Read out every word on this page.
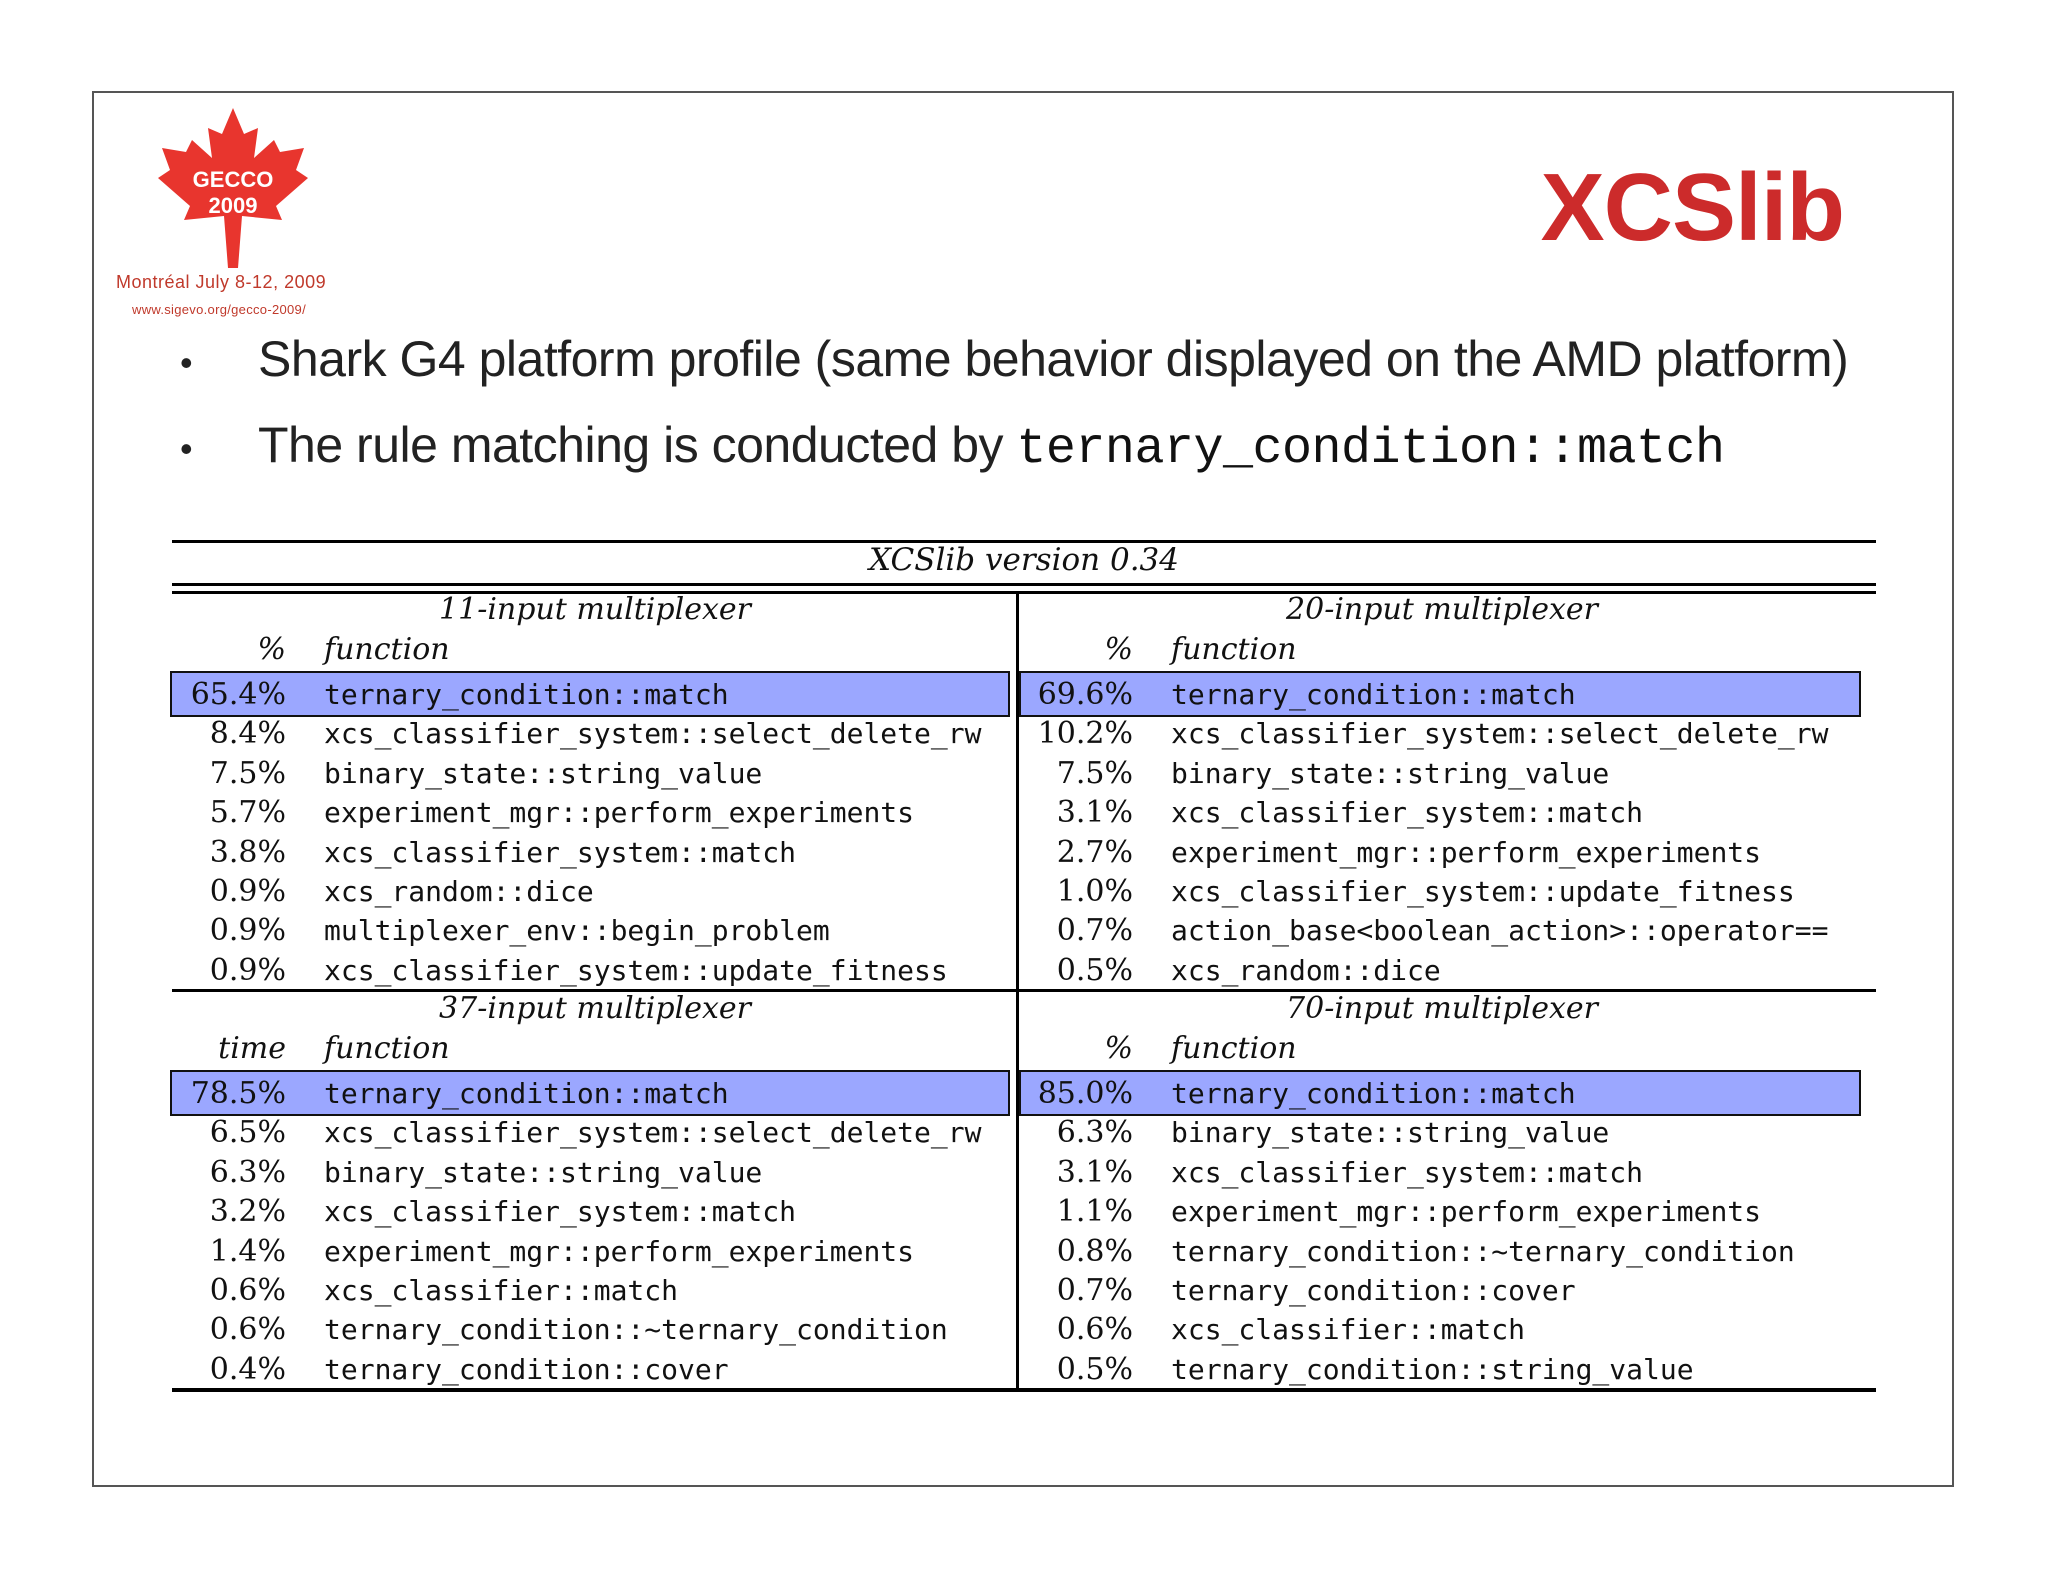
GECCO
2009
Montréal July 8-12, 2009
www.sigevo.org/gecco-2009/
XCSlib
• Shark G4 platform profile (same behavior displayed on the AMD platform)
• The rule matching is conducted by ternary_condition::match
XCSlib version 0.34
11-input multiplexer
% function
65.4% ternary_condition::match
8.4% xcs_classifier_system::select_delete_rw
7.5% binary_state::string_value
5.7% experiment_mgr::perform_experiments
3.8% xcs_classifier_system::match
0.9% xcs_random::dice
0.9% multiplexer_env::begin_problem
0.9% xcs_classifier_system::update_fitness
20-input multiplexer
% function
69.6% ternary_condition::match
10.2% xcs_classifier_system::select_delete_rw
7.5% binary_state::string_value
3.1% xcs_classifier_system::match
2.7% experiment_mgr::perform_experiments
1.0% xcs_classifier_system::update_fitness
0.7% action_base<boolean_action>::operator==
0.5% xcs_random::dice
37-input multiplexer
time function
78.5% ternary_condition::match
6.5% xcs_classifier_system::select_delete_rw
6.3% binary_state::string_value
3.2% xcs_classifier_system::match
1.4% experiment_mgr::perform_experiments
0.6% xcs_classifier::match
0.6% ternary_condition::~ternary_condition
0.4% ternary_condition::cover
70-input multiplexer
% function
85.0% ternary_condition::match
6.3% binary_state::string_value
3.1% xcs_classifier_system::match
1.1% experiment_mgr::perform_experiments
0.8% ternary_condition::~ternary_condition
0.7% ternary_condition::cover
0.6% xcs_classifier::match
0.5% ternary_condition::string_value
